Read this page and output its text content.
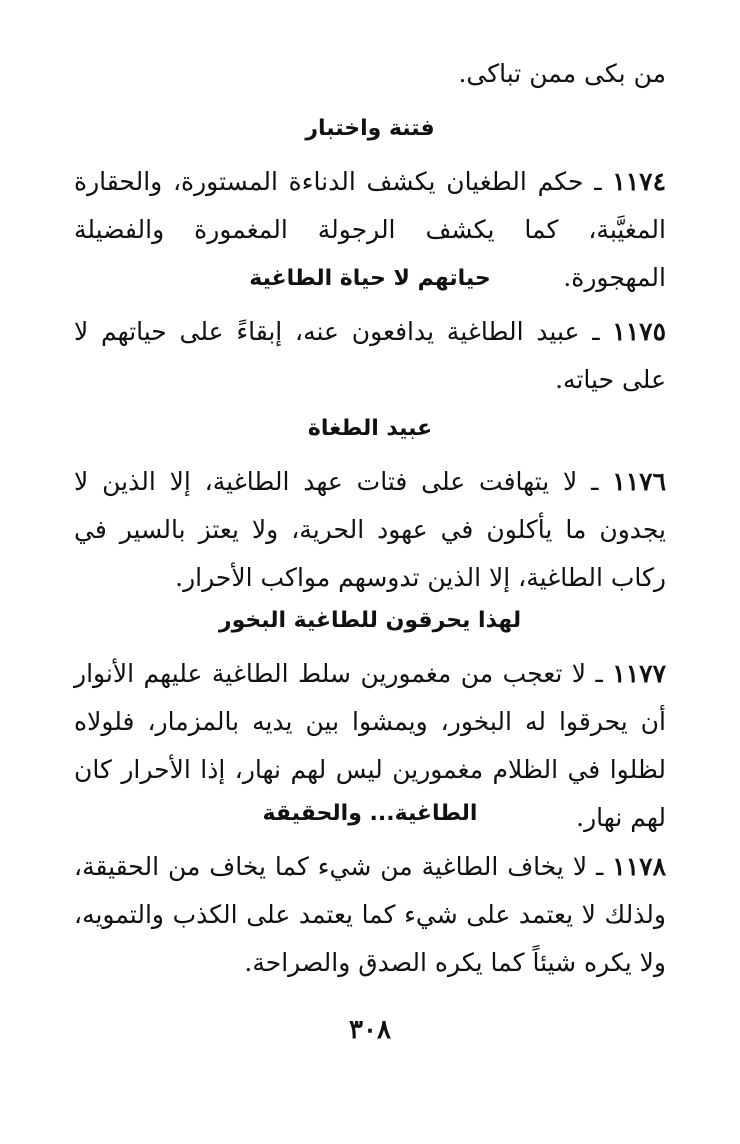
من بكى ممن تباكى.

فتنة واختبار

١١٧٤ ـ حكم الطغيان يكشف الدناءة المستورة، والحقارة المغيَّبة، كما يكشف الرجولة المغمورة والفضيلة المهجورة.

حياتهم لا حياة الطاغية

١١٧٥ ـ عبيد الطاغية يدافعون عنه، إبقاءً على حياتهم لا على حياته.

عبيد الطغاة

١١٧٦ ـ لا يتهافت على فتات عهد الطاغية، إلا الذين لا يجدون ما يأكلون في عهود الحرية، ولا يعتز بالسير في ركاب الطاغية، إلا الذين تدوسهم مواكب الأحرار.

لهذا يحرقون للطاغية البخور

١١٧٧ ـ لا تعجب من مغمورين سلط الطاغية عليهم الأنوار أن يحرقوا له البخور، ويمشوا بين يديه بالمزمار، فلولاه لظلوا في الظلام مغمورين ليس لهم نهار، إذا الأحرار كان لهم نهار.

الطاغية... والحقيقة

١١٧٨ ـ لا يخاف الطاغية من شيء كما يخاف من الحقيقة، ولذلك لا يعتمد على شيء كما يعتمد على الكذب والتمويه، ولا يكره شيئاً كما يكره الصدق والصراحة.

٣٠٨
